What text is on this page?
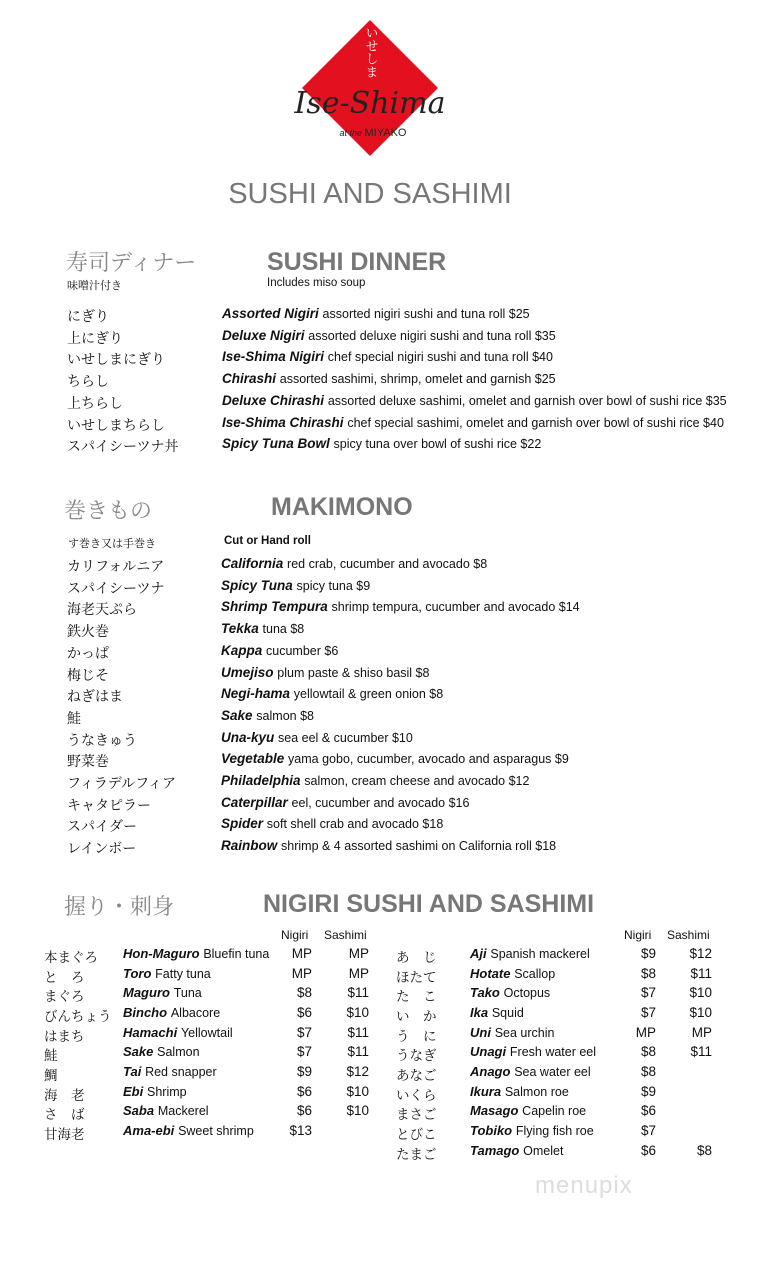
いせしま
Ise-Shima
at the MIYAKO
SUSHI AND SASHIMI
寿司ディナー
味噌汁付き
SUSHI DINNER
Includes miso soup
にぎり	Assorted Nigiri assorted nigiri sushi and tuna roll $25
上にぎり	Deluxe Nigiri assorted deluxe nigiri sushi and tuna roll $35
いせしまにぎり	Ise-Shima Nigiri chef special nigiri sushi and tuna roll $40
ちらし	Chirashi assorted sashimi, shrimp, omelet and garnish $25
上ちらし	Deluxe Chirashi assorted deluxe sashimi, omelet and garnish over bowl of sushi rice $35
いせしまちらし	Ise-Shima Chirashi chef special sashimi, omelet and garnish over bowl of sushi rice $40
スパイシーツナ丼	Spicy Tuna Bowl spicy tuna over bowl of sushi rice $22
巻きもの	MAKIMONO
す巻き又は手巻き	Cut or Hand roll
カリフォルニア	California red crab, cucumber and avocado $8
スパイシーツナ	Spicy Tuna spicy tuna $9
海老天ぷら	Shrimp Tempura shrimp tempura, cucumber and avocado $14
鉄火巻	Tekka tuna $8
かっぱ	Kappa cucumber $6
梅じそ	Umejiso plum paste & shiso basil $8
ねぎはま	Negi-hama yellowtail & green onion $8
鮭	Sake salmon $8
うなきゅう	Una-kyu sea eel & cucumber $10
野菜巻	Vegetable yama gobo, cucumber, avocado and asparagus $9
フィラデルフィア	Philadelphia salmon, cream cheese and avocado $12
キャタピラー	Caterpillar eel, cucumber and avocado $16
スパイダー	Spider soft shell crab and avocado $18
レインボー	Rainbow shrimp & 4 assorted sashimi on California roll $18
握り・刺身	NIGIRI SUSHI AND SASHIMI
Nigiri Sashimi	Nigiri Sashimi
本まぐろ Hon-Maguro Bluefin tuna	MP	MP
と　ろ	Toro Fatty tuna	MP	MP
まぐろ	Maguro Tuna	$8	$11
びんちょう Bincho Albacore	$6	$10
はまち	Hamachi Yellowtail	$7	$11
鮭	Sake Salmon	$7	$11
鯛	Tai Red snapper	$9	$12
海　老	Ebi Shrimp	$6	$10
さ　ば	Saba Mackerel	$6	$10
甘海老	Ama-ebi Sweet shrimp	$13
あ　じ	Aji Spanish mackerel	$9	$12
ほたて	Hotate Scallop	$8	$11
た　こ	Tako Octopus	$7	$10
い　か	Ika Squid	$7	$10
う　に	Uni Sea urchin	MP	MP
うなぎ	Unagi Fresh water eel	$8	$11
あなご	Anago Sea water eel	$8
いくら	Ikura Salmon roe	$9
まさご	Masago Capelin roe	$6
とびこ	Tobiko Flying fish roe	$7
たまご	Tamago Omelet	$6	$8
menupix
